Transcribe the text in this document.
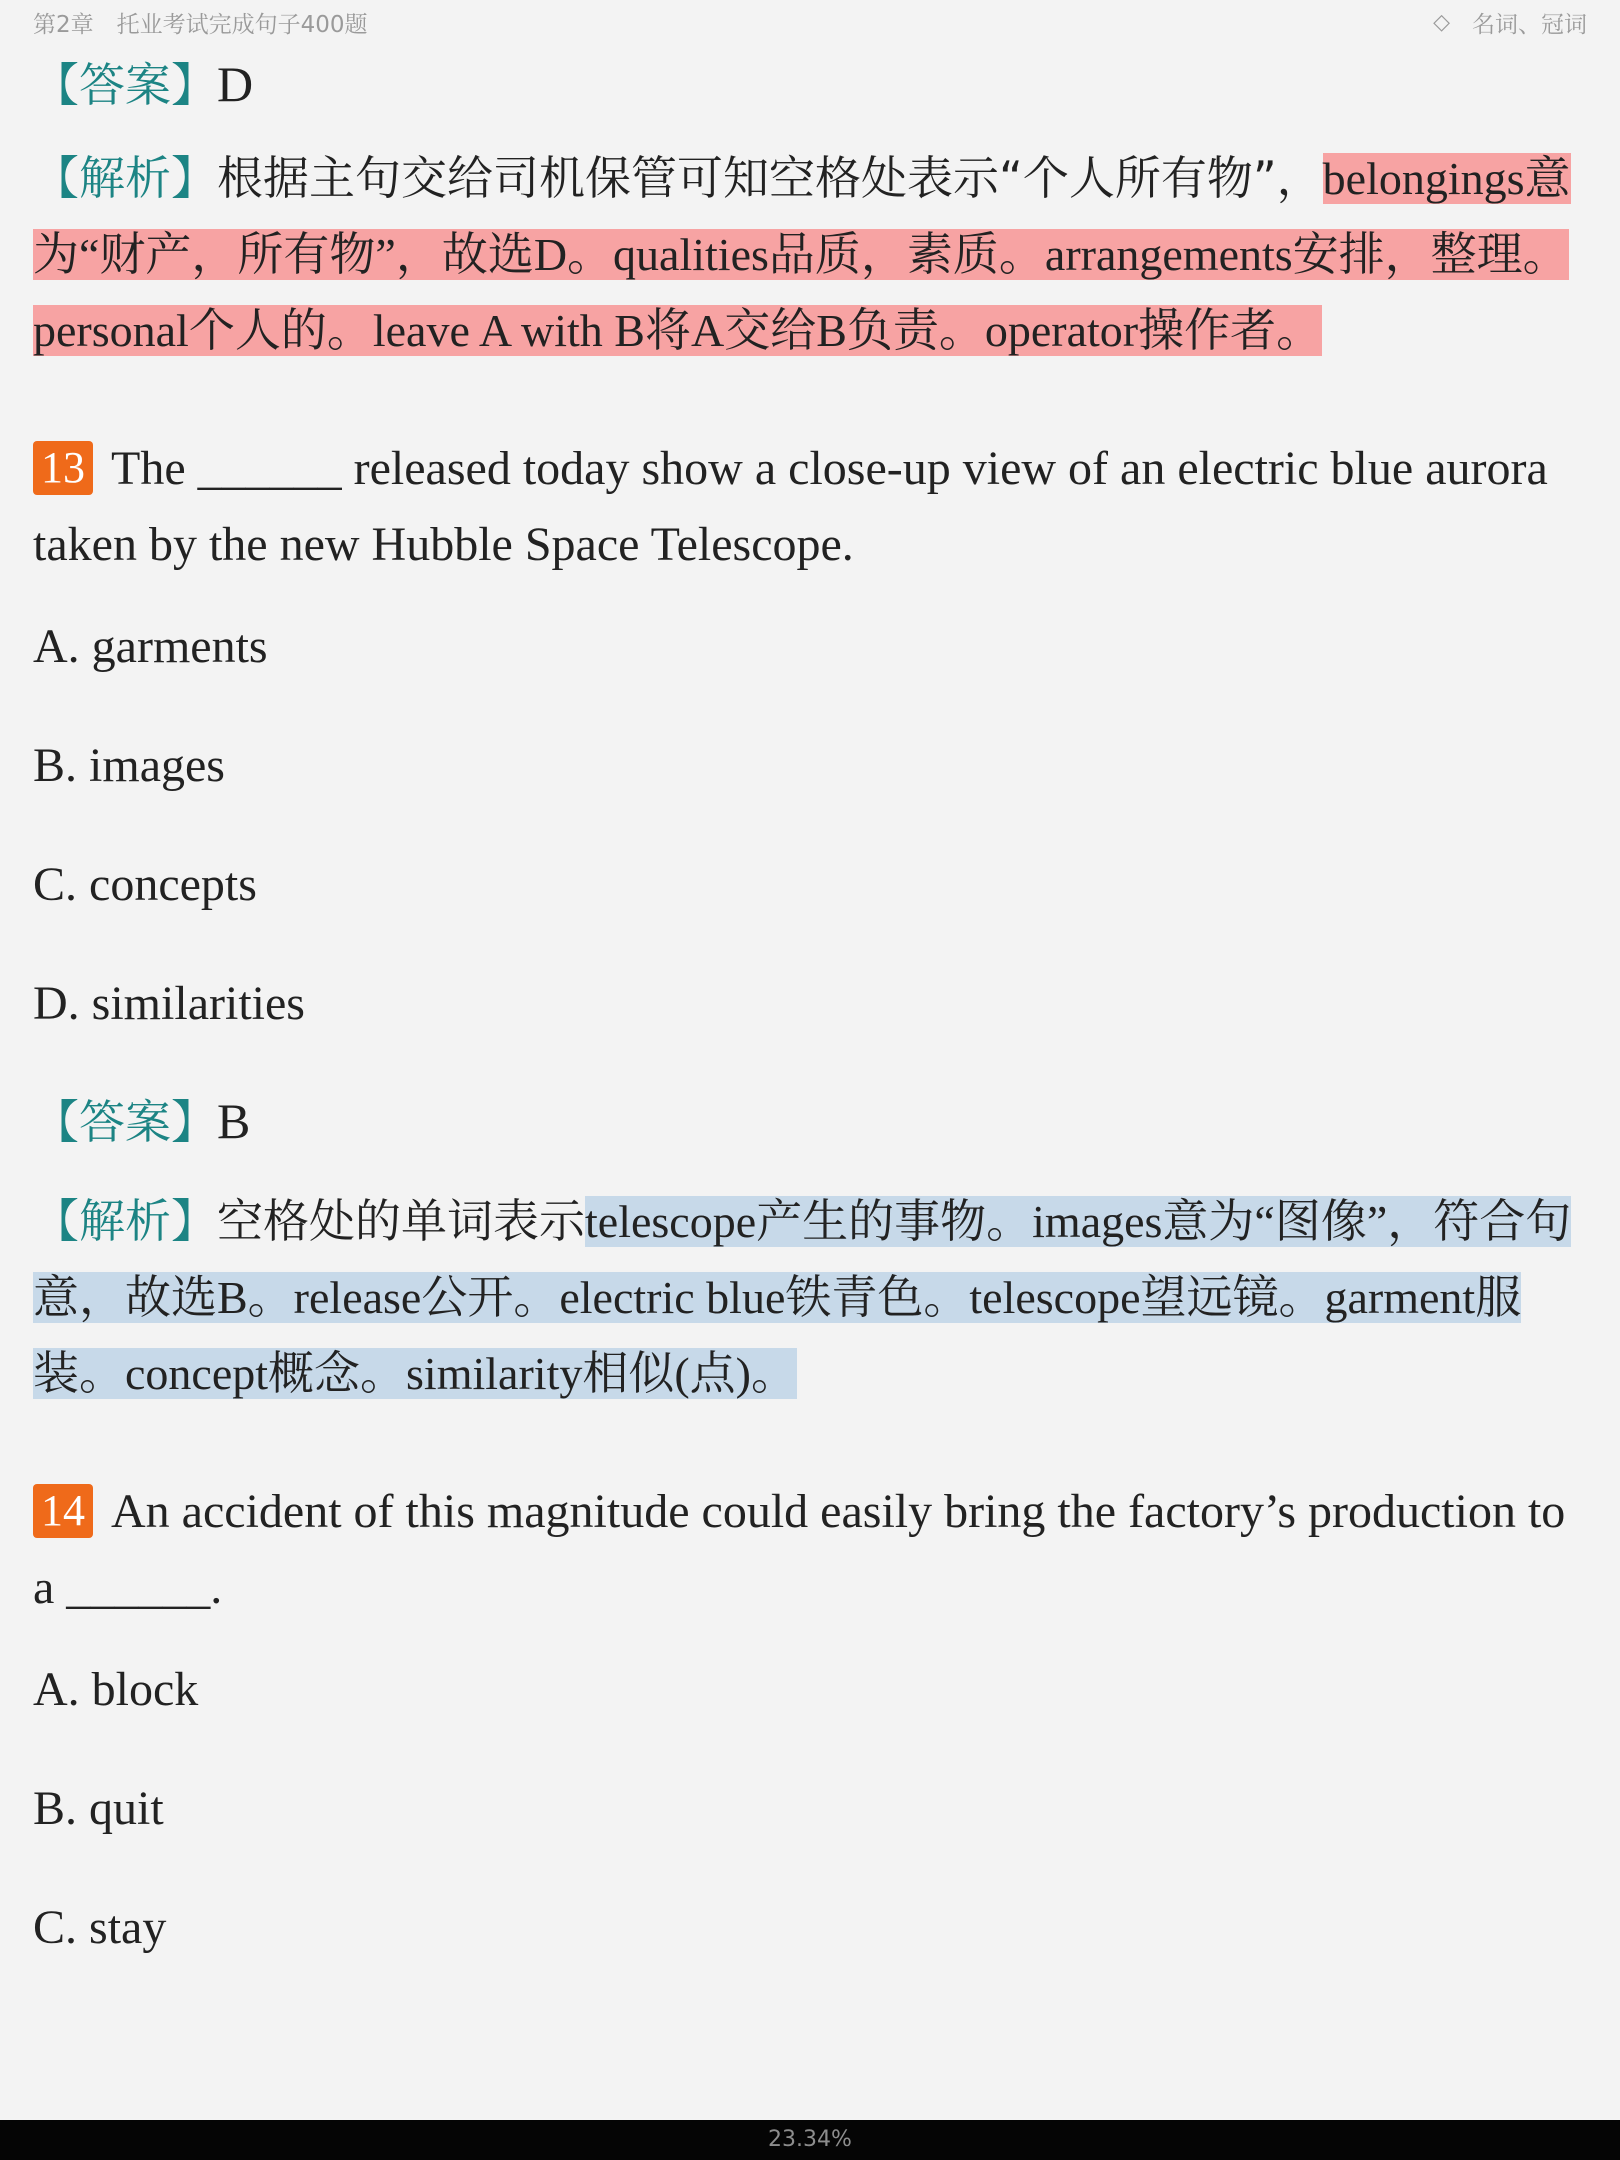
第2章　托业考试完成句子400题	◇ 名词、冠词

【答案】D

【解析】根据主句交给司机保管可知空格处表示“个人所有物”，belongings意为“财产，所有物”，故选D。qualities品质，素质。arrangements安排，整理。personal个人的。leave A with B将A交给B负责。operator操作者。

13 The ______ released today show a close-up view of an electric blue aurora taken by the new Hubble Space Telescope.

A. garments

B. images

C. concepts

D. similarities

【答案】B

【解析】空格处的单词表示telescope产生的事物。images意为“图像”，符合句意，故选B。release公开。electric blue铁青色。telescope望远镜。garment服装。concept概念。similarity相似(点)。

14 An accident of this magnitude could easily bring the factory’s production to a ______.

A. block

B. quit

C. stay

23.34%
